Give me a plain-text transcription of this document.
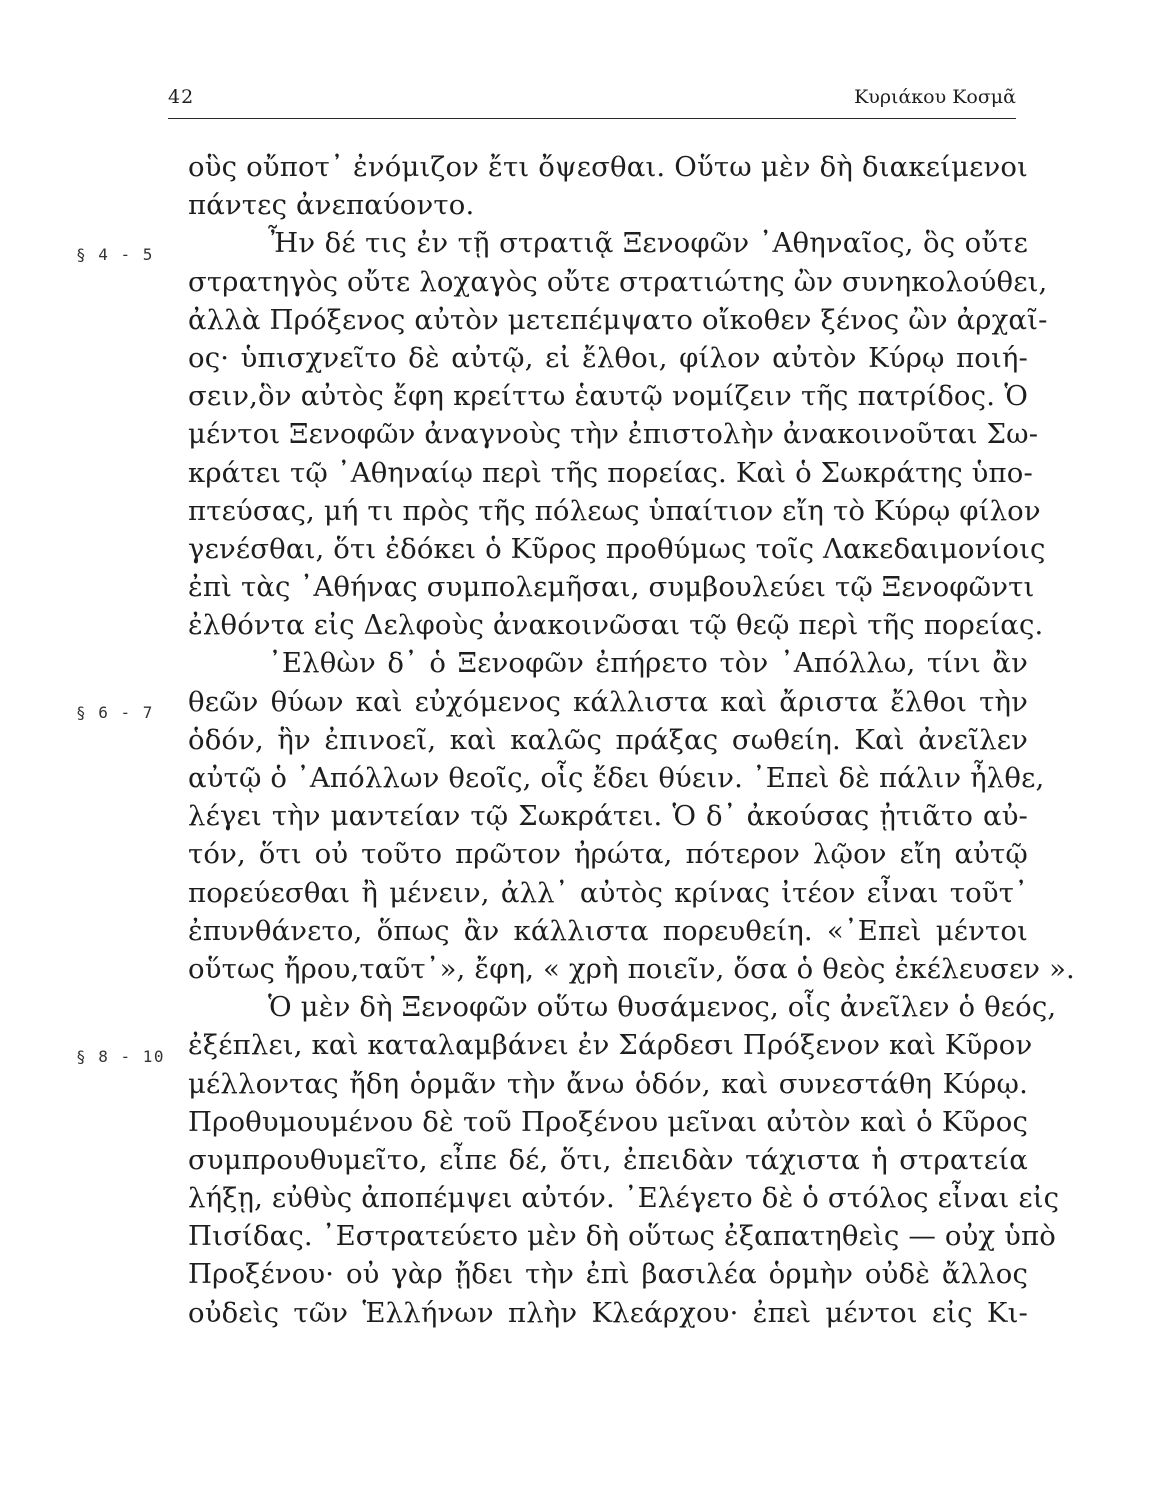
42	Κυριάκου Κοσμᾶ
§ 4 - 5
§ 6 - 7
§ 8 - 10
οὓς οὔποτ᾽ ἐνόμιζον ἔτι ὄψεσθαι. Οὕτω μὲν δὴ διακείμενοι
πάντες ἀνεπαύοντο.
Ἦν δέ τις ἐν τῇ στρατιᾷ Ξενοφῶν ᾿Αθηναῖος, ὃς οὔτε
στρατηγὸς οὔτε λοχαγὸς οὔτε στρατιώτης ὢν συνηκολούθει,
ἀλλὰ Πρόξενος αὐτὸν μετεπέμψατο οἴκοθεν ξένος ὢν ἀρχαῖ-
ος· ὑπισχνεῖτο δὲ αὐτῷ, εἰ ἔλθοι, φίλον αὐτὸν Κύρῳ ποιή-
σειν,ὃν αὐτὸς ἔφη κρείττω ἑαυτῷ νομίζειν τῆς πατρίδος. Ὁ
μέντοι Ξενοφῶν ἀναγνοὺς τὴν ἐπιστολὴν ἀνακοινοῦται Σω-
κράτει τῷ ᾿Αθηναίῳ περὶ τῆς πορείας. Καὶ ὁ Σωκράτης ὑπο-
πτεύσας, μή τι πρὸς τῆς πόλεως ὑπαίτιον εἴη τὸ Κύρῳ φίλον
γενέσθαι, ὅτι ἐδόκει ὁ Κῦρος προθύμως τοῖς Λακεδαιμονίοις
ἐπὶ τὰς ᾿Αθήνας συμπολεμῆσαι, συμβουλεύει τῷ Ξενοφῶντι
ἐλθόντα εἰς Δελφοὺς ἀνακοινῶσαι τῷ θεῷ περὶ τῆς πορείας.
᾿Ελθὼν δ᾽ ὁ Ξενοφῶν ἐπήρετο τὸν ᾿Απόλλω, τίνι ἂν
θεῶν θύων καὶ εὐχόμενος κάλλιστα καὶ ἄριστα ἔλθοι τὴν
ὁδόν, ἣν ἐπινοεῖ, καὶ καλῶς πράξας σωθείη. Καὶ ἀνεῖλεν
αὐτῷ ὁ ᾿Απόλλων θεοῖς, οἷς ἔδει θύειν. ᾿Επεὶ δὲ πάλιν ἦλθε,
λέγει τὴν μαντείαν τῷ Σωκράτει. Ὁ δ᾽ ἀκούσας ᾐτιᾶτο αὐ-
τόν, ὅτι οὐ τοῦτο πρῶτον ἠρώτα, πότερον λῷον εἴη αὐτῷ
πορεύεσθαι ἢ μένειν, ἀλλ᾽ αὐτὸς κρίνας ἰτέον εἶναι τοῦτ᾽
ἐπυνθάνετο, ὅπως ἂν κάλλιστα πορευθείη. «᾿Επεὶ μέντοι
οὕτως ἤρου,ταῦτ᾽», ἔφη, « χρὴ ποιεῖν, ὅσα ὁ θεὸς ἐκέλευσεν ».
Ὁ μὲν δὴ Ξενοφῶν οὕτω θυσάμενος, οἷς ἀνεῖλεν ὁ θεός,
ἐξέπλει, καὶ καταλαμβάνει ἐν Σάρδεσι Πρόξενον καὶ Κῦρον
μέλλοντας ἤδη ὁρμᾶν τὴν ἄνω ὁδόν, καὶ συνεστάθη Κύρῳ.
Προθυμουμένου δὲ τοῦ Προξένου μεῖναι αὐτὸν καὶ ὁ Κῦρος
συμπρουθυμεῖτο, εἶπε δέ, ὅτι, ἐπειδὰν τάχιστα ἡ στρατεία
λήξῃ, εὐθὺς ἀποπέμψει αὐτόν. ᾿Ελέγετο δὲ ὁ στόλος εἶναι εἰς
Πισίδας. ᾿Εστρατεύετο μὲν δὴ οὕτως ἐξαπατηθεὶς — οὐχ ὑπὸ
Προξένου· οὐ γὰρ ᾔδει τὴν ἐπὶ βασιλέα ὁρμὴν οὐδὲ ἄλλος
οὐδεὶς τῶν Ἑλλήνων πλὴν Κλεάρχου· ἐπεὶ μέντοι εἰς Κι-
